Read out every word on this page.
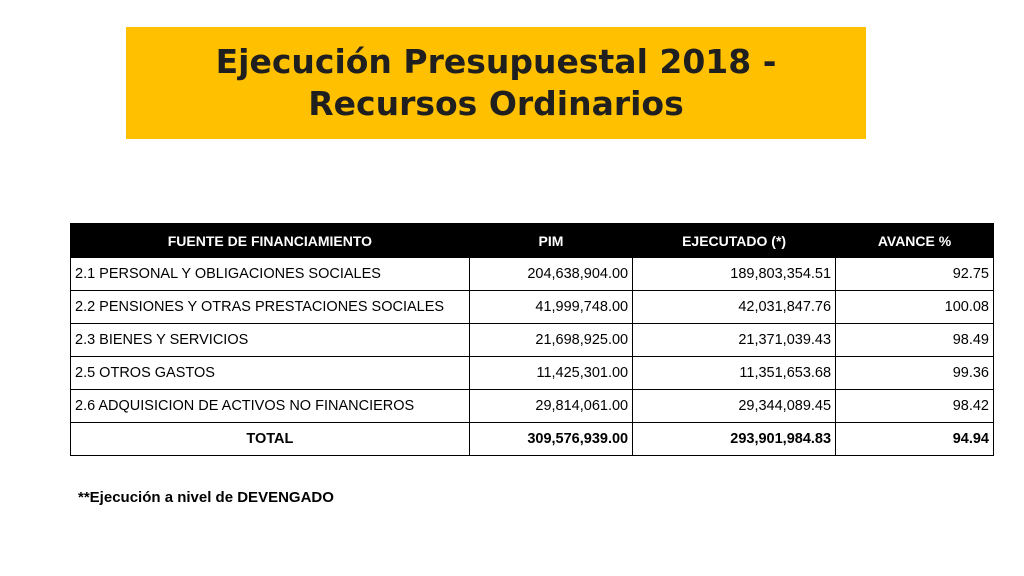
Ejecución Presupuestal 2018 -
Recursos Ordinarios
FUENTE DE FINANCIAMIENTO	PIM	EJECUTADO (*)	AVANCE %
2.1 PERSONAL Y OBLIGACIONES SOCIALES	204,638,904.00	189,803,354.51	92.75
2.2 PENSIONES Y OTRAS PRESTACIONES SOCIALES	41,999,748.00	42,031,847.76	100.08
2.3 BIENES Y SERVICIOS	21,698,925.00	21,371,039.43	98.49
2.5 OTROS GASTOS	11,425,301.00	11,351,653.68	99.36
2.6 ADQUISICION DE ACTIVOS NO FINANCIEROS	29,814,061.00	29,344,089.45	98.42
TOTAL	309,576,939.00	293,901,984.83	94.94
**Ejecución a nivel de DEVENGADO
